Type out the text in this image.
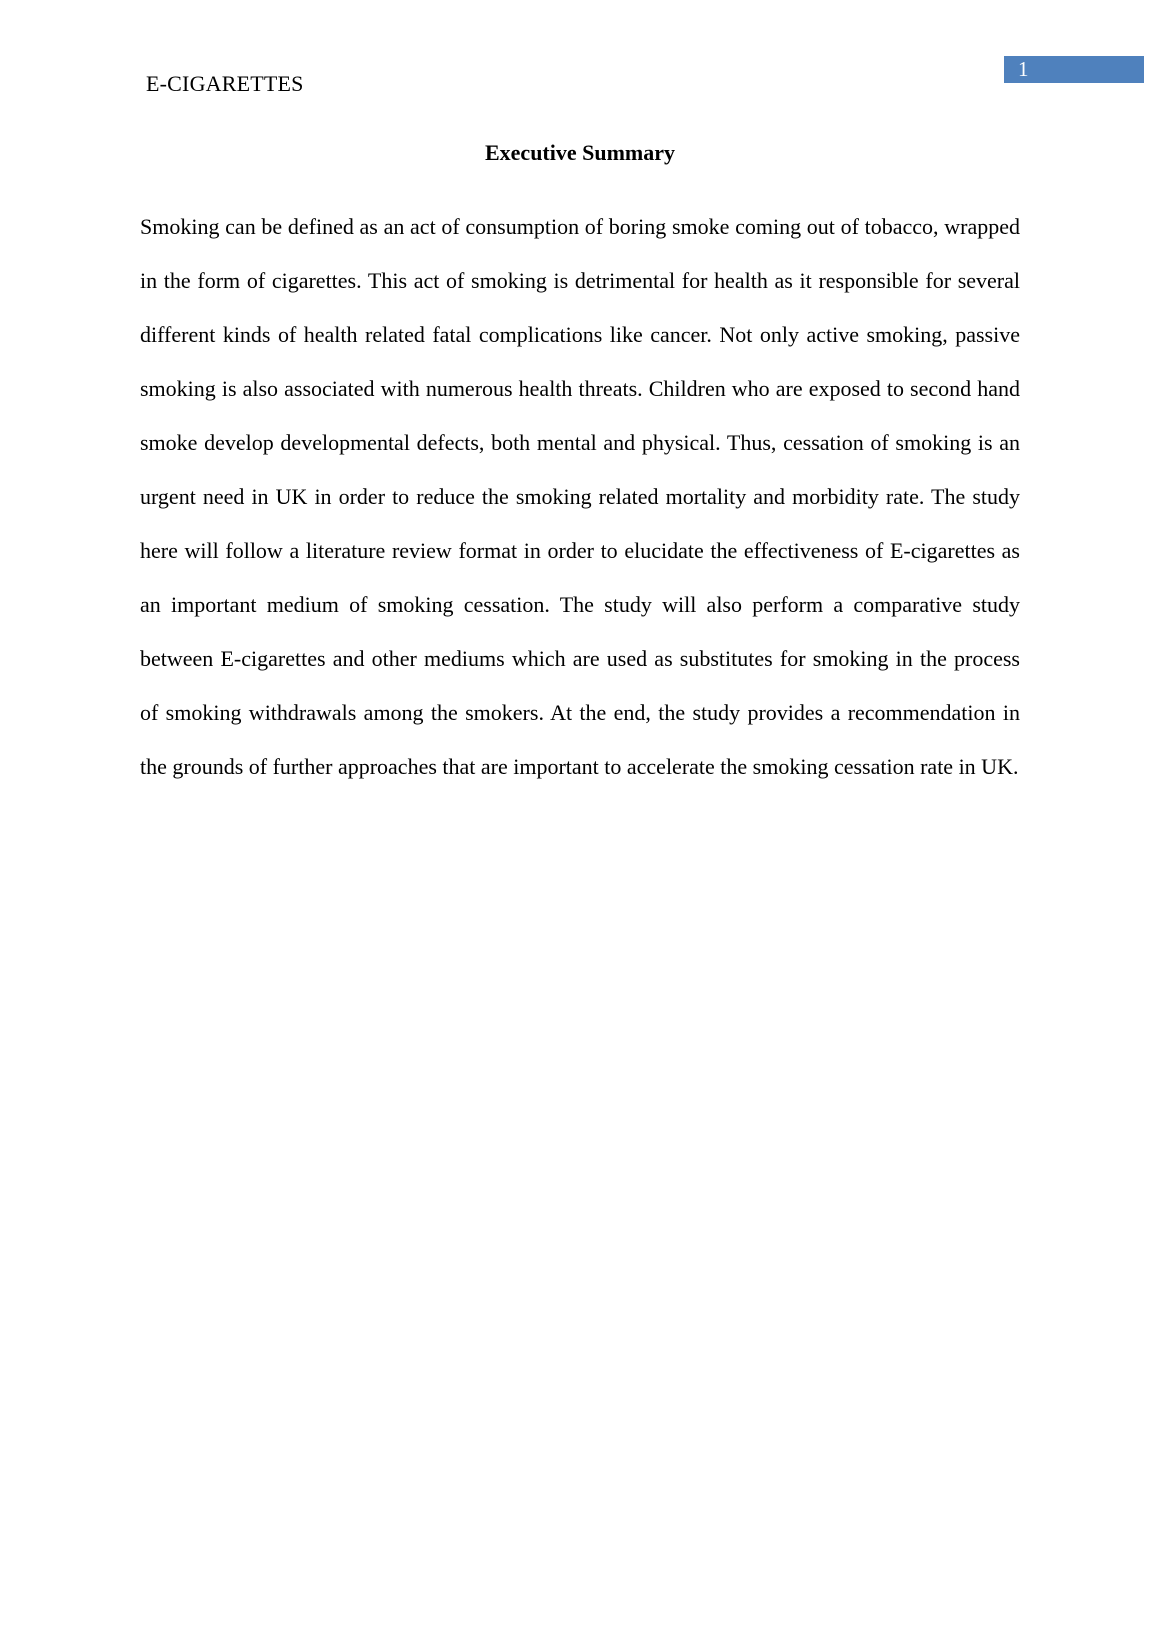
E-CIGARETTES
1
Executive Summary

Smoking can be defined as an act of consumption of boring smoke coming out of tobacco, wrapped in the form of cigarettes. This act of smoking is detrimental for health as it responsible for several different kinds of health related fatal complications like cancer. Not only active smoking, passive smoking is also associated with numerous health threats. Children who are exposed to second hand smoke develop developmental defects, both mental and physical. Thus, cessation of smoking is an urgent need in UK in order to reduce the smoking related mortality and morbidity rate. The study here will follow a literature review format in order to elucidate the effectiveness of E-cigarettes as an important medium of smoking cessation. The study will also perform a comparative study between E-cigarettes and other mediums which are used as substitutes for smoking in the process of smoking withdrawals among the smokers. At the end, the study provides a recommendation in the grounds of further approaches that are important to accelerate the smoking cessation rate in UK.
